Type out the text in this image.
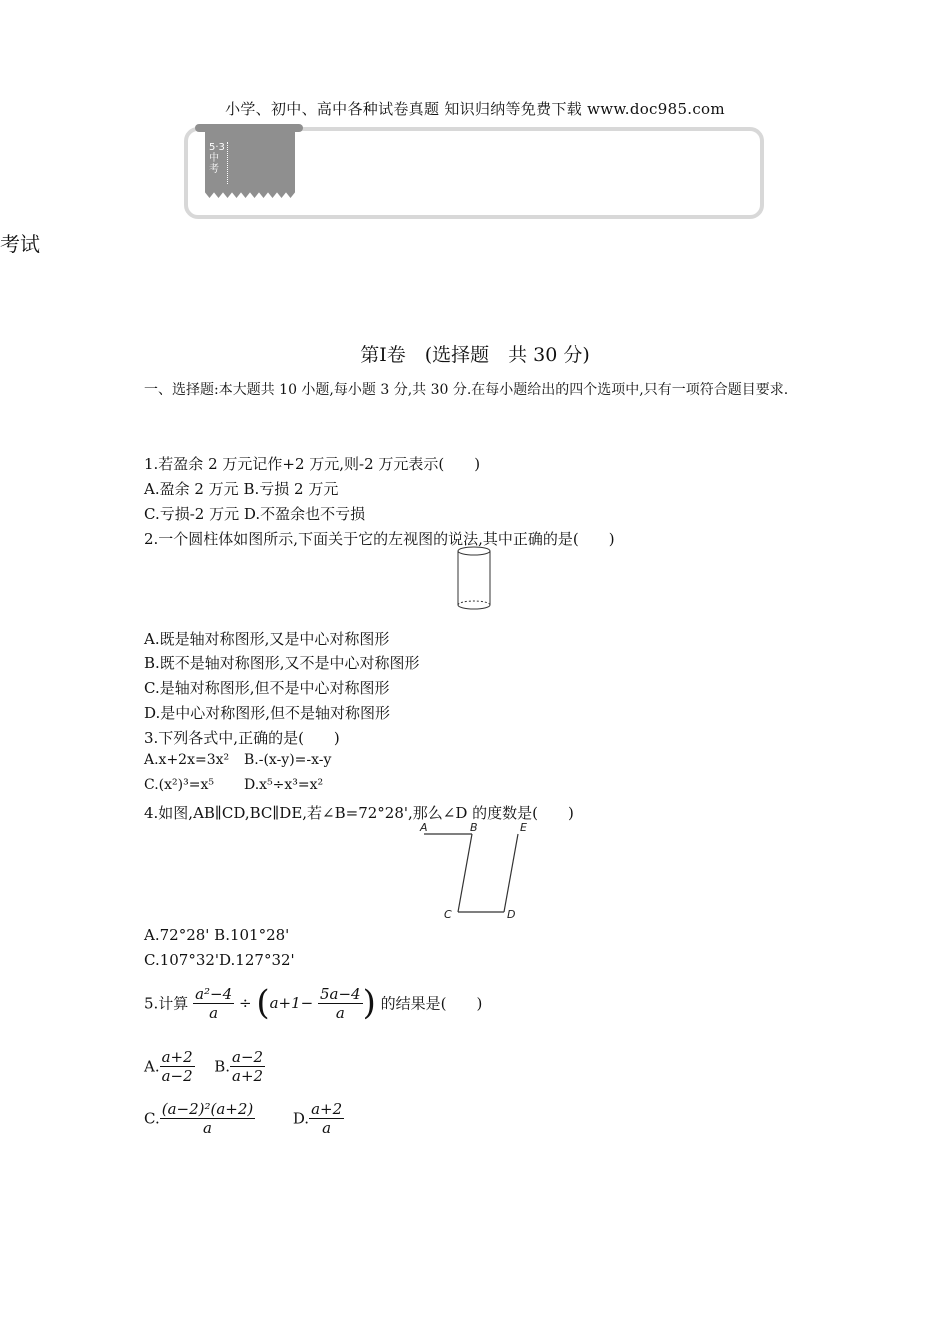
小学、初中、高中各种试卷真题 知识归纳等免费下载 www.doc985.com
5·3中考
考试
第Ⅰ卷　(选择题　共 30 分)
一、选择题:本大题共 10 小题,每小题 3 分,共 30 分.在每小题给出的四个选项中,只有一项符合题目要求.
1.若盈余 2 万元记作+2 万元,则-2 万元表示(　　)
A.盈余 2 万元 B.亏损 2 万元
C.亏损-2 万元 D.不盈余也不亏损
2.一个圆柱体如图所示,下面关于它的左视图的说法,其中正确的是(　　)
A.既是轴对称图形,又是中心对称图形
B.既不是轴对称图形,又不是中心对称图形
C.是轴对称图形,但不是中心对称图形
D.是中心对称图形,但不是轴对称图形
3.下列各式中,正确的是(　　)
A.x+2x=3x² B.-(x-y)=-x-y
C.(x²)³=x⁵ D.x⁵÷x³=x²
4.如图,AB∥CD,BC∥DE,若∠B=72°28',那么∠D 的度数是(　　)
A	B	E
C	D
A.72°28' B.101°28'
C.107°32'D.127°32'
5.计算 $\frac{\text{a²−4}}{a} \div (a+1- \frac{5a-4}{a}$ ) 的结果是(　　)
A. $\frac{a+2}{a-2} B$. $\frac{a-2}{a+2}$
C. $\frac{\text{(a−2)²(a+2)}}{a}$	D. $\frac{a+2}{a}$
